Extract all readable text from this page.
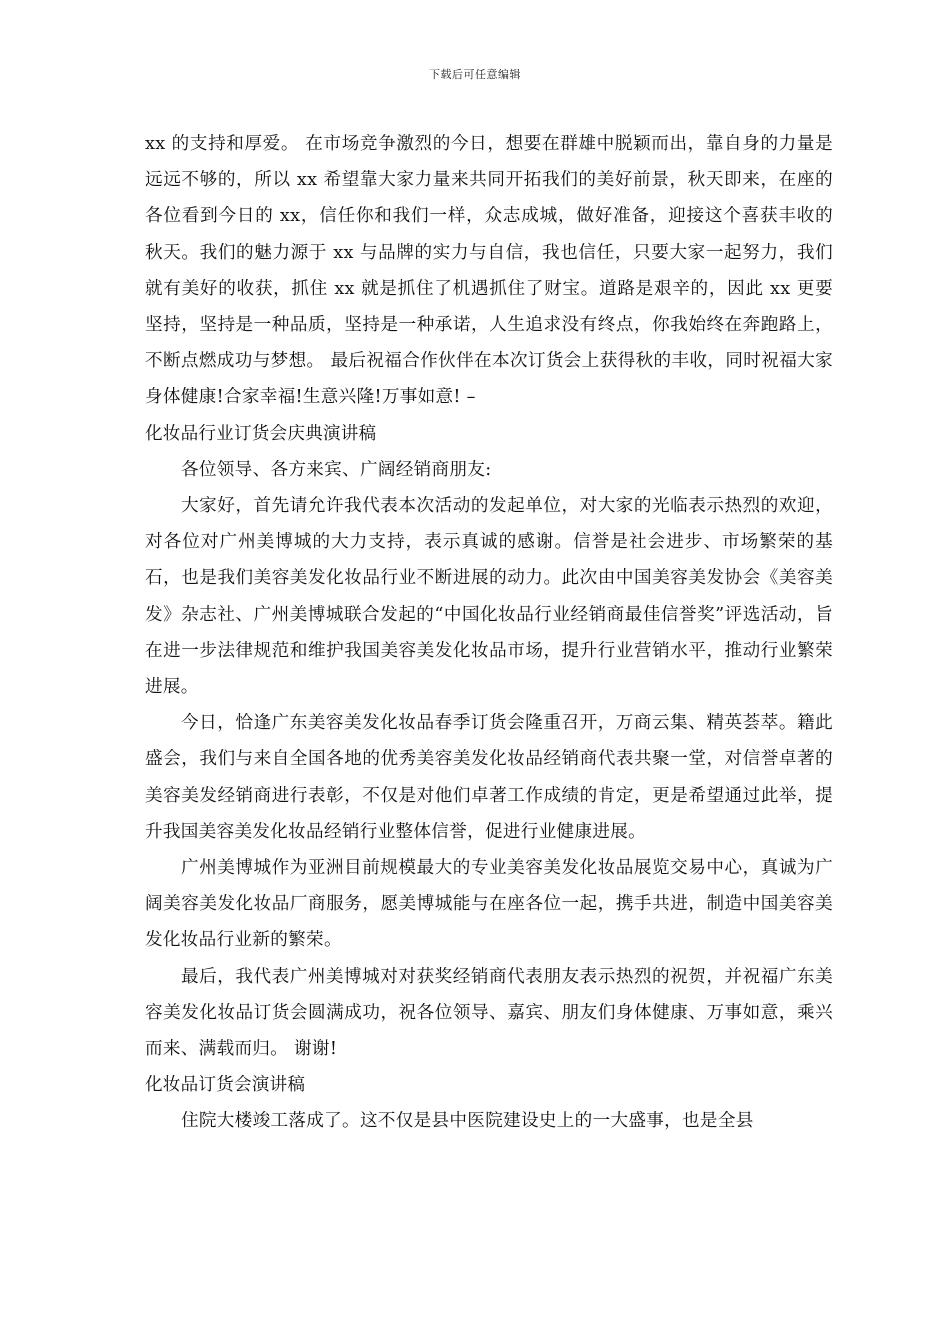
下载后可任意编辑

xx 的支持和厚爱。 在市场竞争激烈的今日，想要在群雄中脱颖而出，靠自身的力量是远远不够的，所以 xx 希望靠大家力量来共同开拓我们的美好前景，秋天即来，在座的各位看到今日的 xx，信任你和我们一样，众志成城，做好准备，迎接这个喜获丰收的秋天。我们的魅力源于 xx 与品牌的实力与自信，我也信任，只要大家一起努力，我们就有美好的收获，抓住 xx 就是抓住了机遇抓住了财宝。道路是艰辛的，因此 xx 更要坚持，坚持是一种品质，坚持是一种承诺，人生追求没有终点，你我始终在奔跑路上，不断点燃成功与梦想。 最后祝福合作伙伴在本次订货会上获得秋的丰收，同时祝福大家身体健康!合家幸福!生意兴隆!万事如意! –

化妆品行业订货会庆典演讲稿

各位领导、各方来宾、广阔经销商朋友:

大家好，首先请允许我代表本次活动的发起单位，对大家的光临表示热烈的欢迎，对各位对广州美博城的大力支持，表示真诚的感谢。信誉是社会进步、市场繁荣的基石，也是我们美容美发化妆品行业不断进展的动力。此次由中国美容美发协会《美容美发》杂志社、广州美博城联合发起的“中国化妆品行业经销商最佳信誉奖”评选活动，旨在进一步法律规范和维护我国美容美发化妆品市场，提升行业营销水平，推动行业繁荣进展。

今日，恰逢广东美容美发化妆品春季订货会隆重召开，万商云集、精英荟萃。籍此盛会，我们与来自全国各地的优秀美容美发化妆品经销商代表共聚一堂，对信誉卓著的美容美发经销商进行表彰，不仅是对他们卓著工作成绩的肯定，更是希望通过此举，提升我国美容美发化妆品经销行业整体信誉，促进行业健康进展。

广州美博城作为亚洲目前规模最大的专业美容美发化妆品展览交易中心，真诚为广阔美容美发化妆品厂商服务，愿美博城能与在座各位一起，携手共进，制造中国美容美发化妆品行业新的繁荣。

最后，我代表广州美博城对对获奖经销商代表朋友表示热烈的祝贺，并祝福广东美容美发化妆品订货会圆满成功，祝各位领导、嘉宾、朋友们身体健康、万事如意，乘兴而来、满载而归。 谢谢!

化妆品订货会演讲稿

住院大楼竣工落成了。这不仅是县中医院建设史上的一大盛事，也是全县
